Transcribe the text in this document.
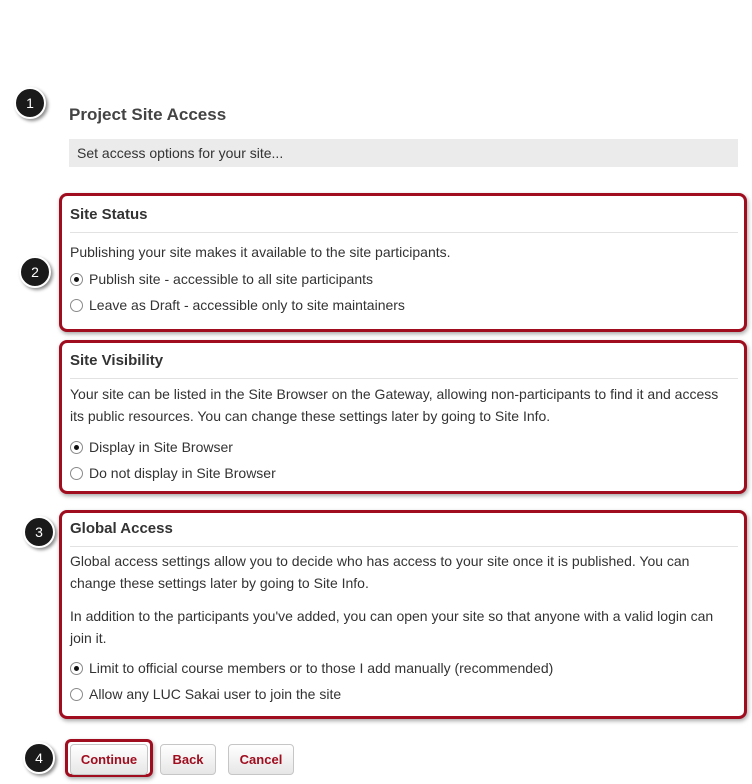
1
2
3
4
Project Site Access
Set access options for your site...
Site Status

Publishing your site makes it available to the site participants.

Publish site - accessible to all site participants
Leave as Draft - accessible only to site maintainers
Site Visibility

Your site can be listed in the Site Browser on the Gateway, allowing non-participants to find it and access its public resources. You can change these settings later by going to Site Info.

Display in Site Browser
Do not display in Site Browser
Global Access

Global access settings allow you to decide who has access to your site once it is published. You can change these settings later by going to Site Info.

In addition to the participants you've added, you can open your site so that anyone with a valid login can join it.

Limit to official course members or to those I add manually (recommended)
Allow any LUC Sakai user to join the site
Continue	Back	Cancel
